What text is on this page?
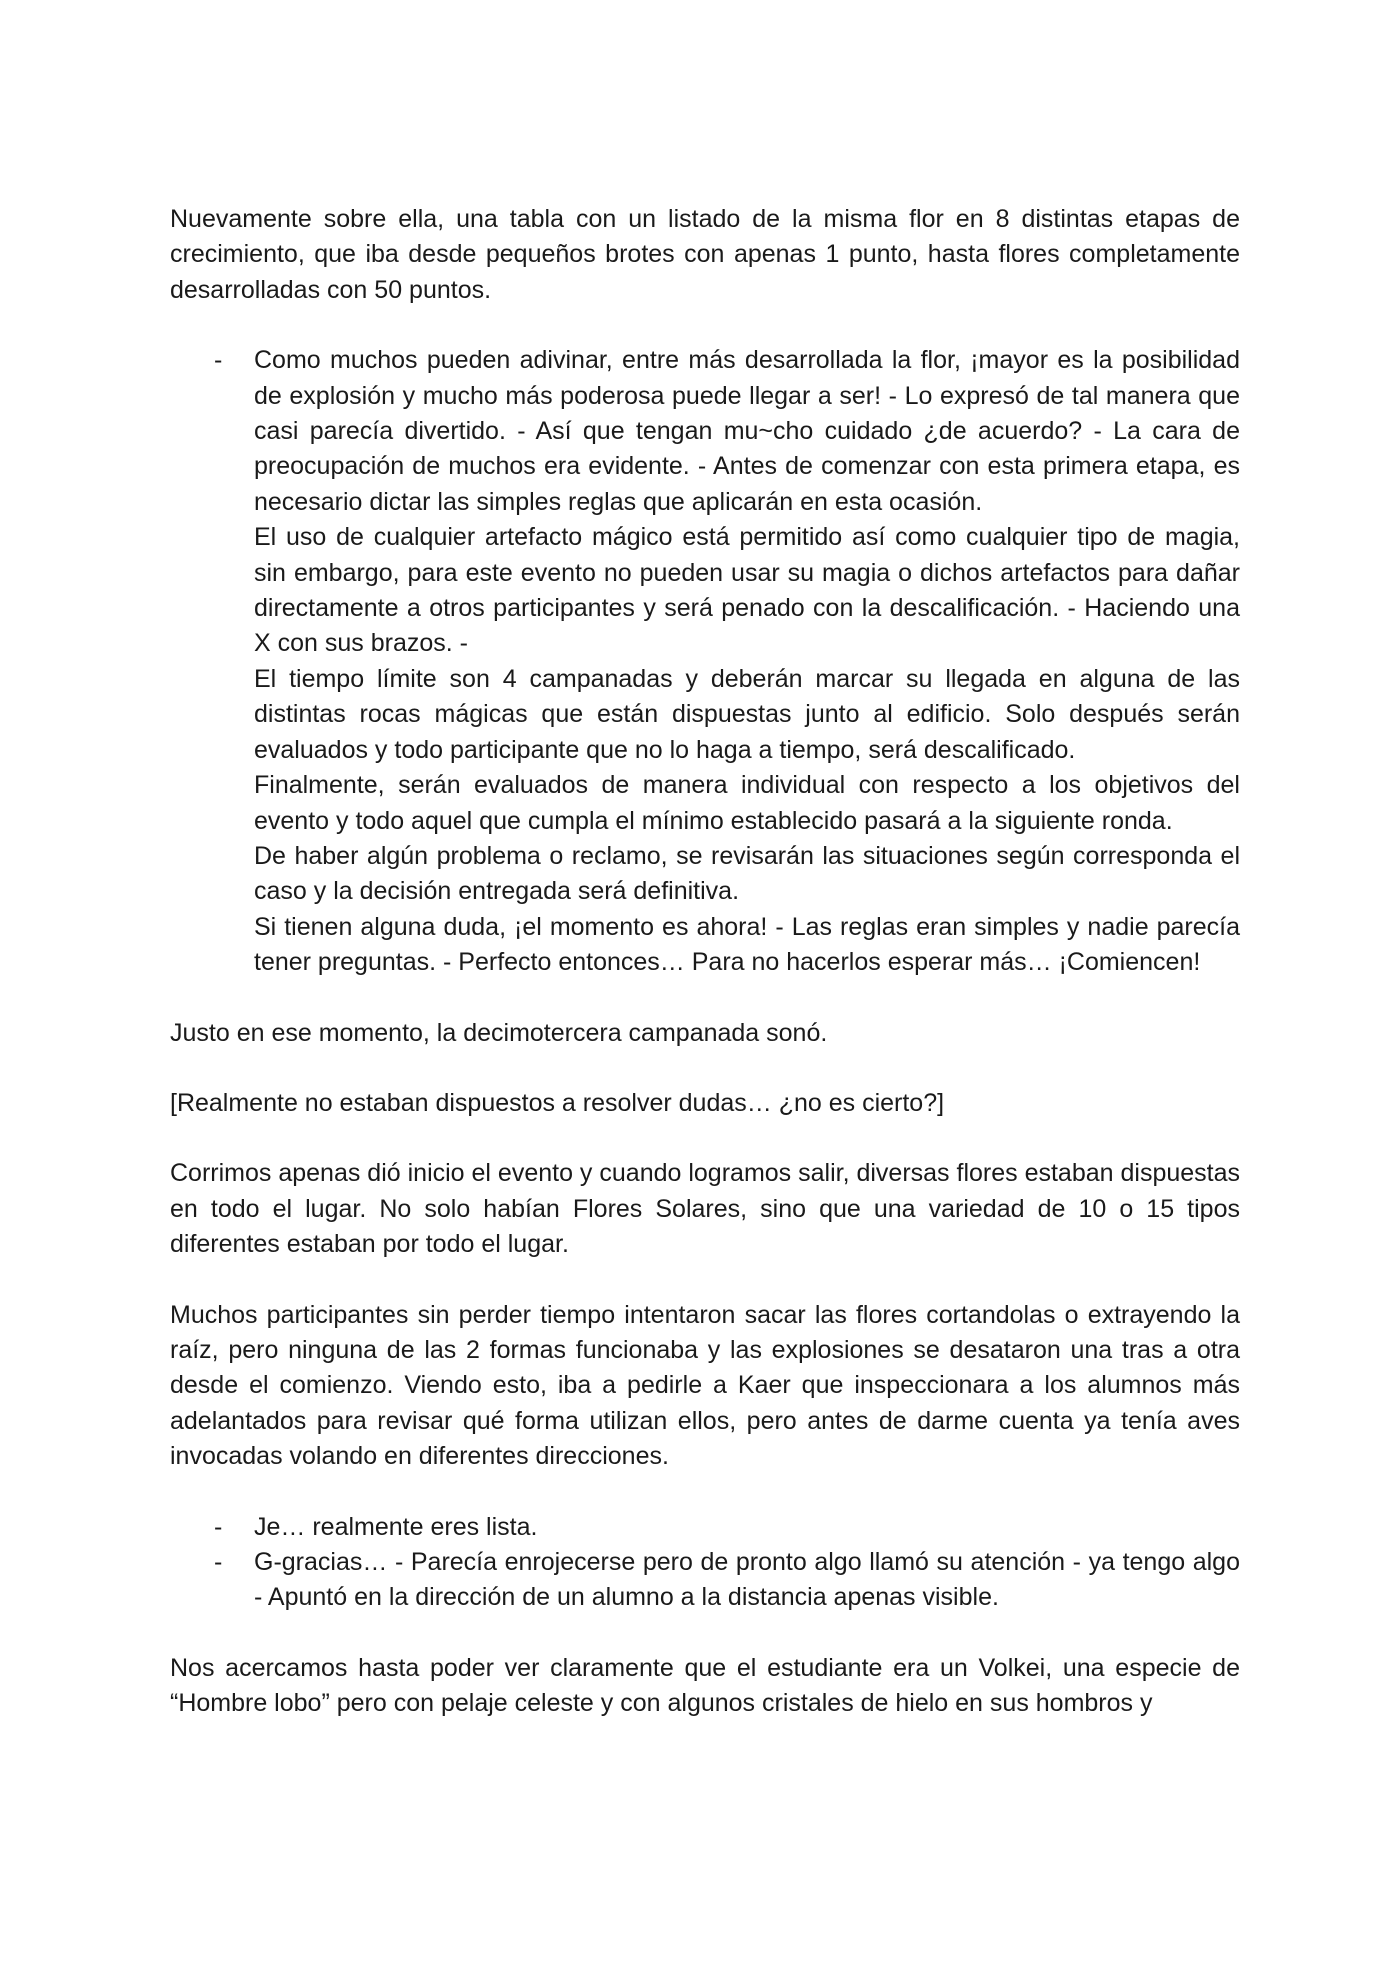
Nuevamente sobre ella, una tabla con un listado de la misma flor en 8 distintas etapas de crecimiento, que iba desde pequeños brotes con apenas 1 punto, hasta flores completamente desarrolladas con 50 puntos.

- Como muchos pueden adivinar, entre más desarrollada la flor, ¡mayor es la posibilidad de explosión y mucho más poderosa puede llegar a ser! - Lo expresó de tal manera que casi parecía divertido. - Así que tengan mu~cho cuidado ¿de acuerdo? - La cara de preocupación de muchos era evidente. - Antes de comenzar con esta primera etapa, es necesario dictar las simples reglas que aplicarán en esta ocasión.
El uso de cualquier artefacto mágico está permitido así como cualquier tipo de magia, sin embargo, para este evento no pueden usar su magia o dichos artefactos para dañar directamente a otros participantes y será penado con la descalificación. - Haciendo una X con sus brazos. -
El tiempo límite son 4 campanadas y deberán marcar su llegada en alguna de las distintas rocas mágicas que están dispuestas junto al edificio. Solo después serán evaluados y todo participante que no lo haga a tiempo, será descalificado.
Finalmente, serán evaluados de manera individual con respecto a los objetivos del evento y todo aquel que cumpla el mínimo establecido pasará a la siguiente ronda.
De haber algún problema o reclamo, se revisarán las situaciones según corresponda el caso y la decisión entregada será definitiva.
Si tienen alguna duda, ¡el momento es ahora! - Las reglas eran simples y nadie parecía tener preguntas. - Perfecto entonces… Para no hacerlos esperar más… ¡Comiencen!

Justo en ese momento, la decimotercera campanada sonó.

[Realmente no estaban dispuestos a resolver dudas… ¿no es cierto?]

Corrimos apenas dió inicio el evento y cuando logramos salir, diversas flores estaban dispuestas en todo el lugar. No solo habían Flores Solares, sino que una variedad de 10 o 15 tipos diferentes estaban por todo el lugar.

Muchos participantes sin perder tiempo intentaron sacar las flores cortandolas o extrayendo la raíz, pero ninguna de las 2 formas funcionaba y las explosiones se desataron una tras a otra desde el comienzo. Viendo esto, iba a pedirle a Kaer que inspeccionara a los alumnos más adelantados para revisar qué forma utilizan ellos, pero antes de darme cuenta ya tenía aves invocadas volando en diferentes direcciones.

- Je… realmente eres lista.
- G-gracias… - Parecía enrojecerse pero de pronto algo llamó su atención - ya tengo algo - Apuntó en la dirección de un alumno a la distancia apenas visible.

Nos acercamos hasta poder ver claramente que el estudiante era un Volkei, una especie de “Hombre lobo” pero con pelaje celeste y con algunos cristales de hielo en sus hombros y
